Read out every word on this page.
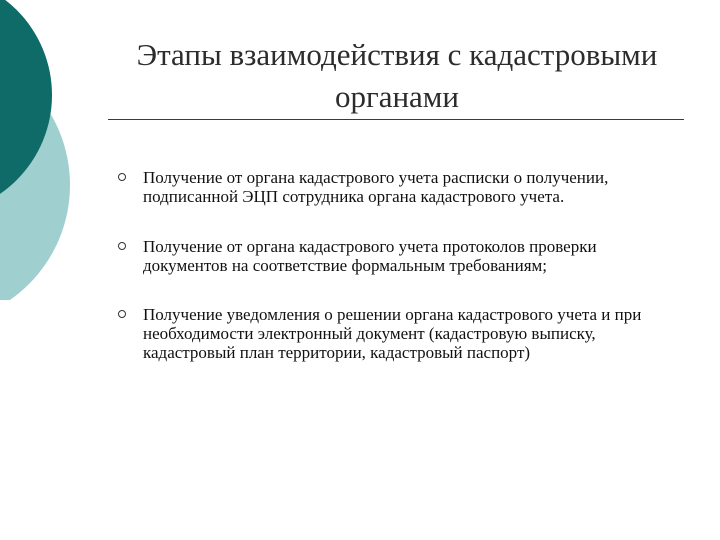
Этапы взаимодействия с кадастровыми
органами
Получение от органа кадастрового учета расписки о получении, подписанной ЭЦП сотрудника органа кадастрового учета.
Получение от органа кадастрового учета протоколов проверки документов на соответствие формальным требованиям;
Получение уведомления о решении органа кадастрового учета и при необходимости электронный документ (кадастровую выписку, кадастровый план территории, кадастровый паспорт)
